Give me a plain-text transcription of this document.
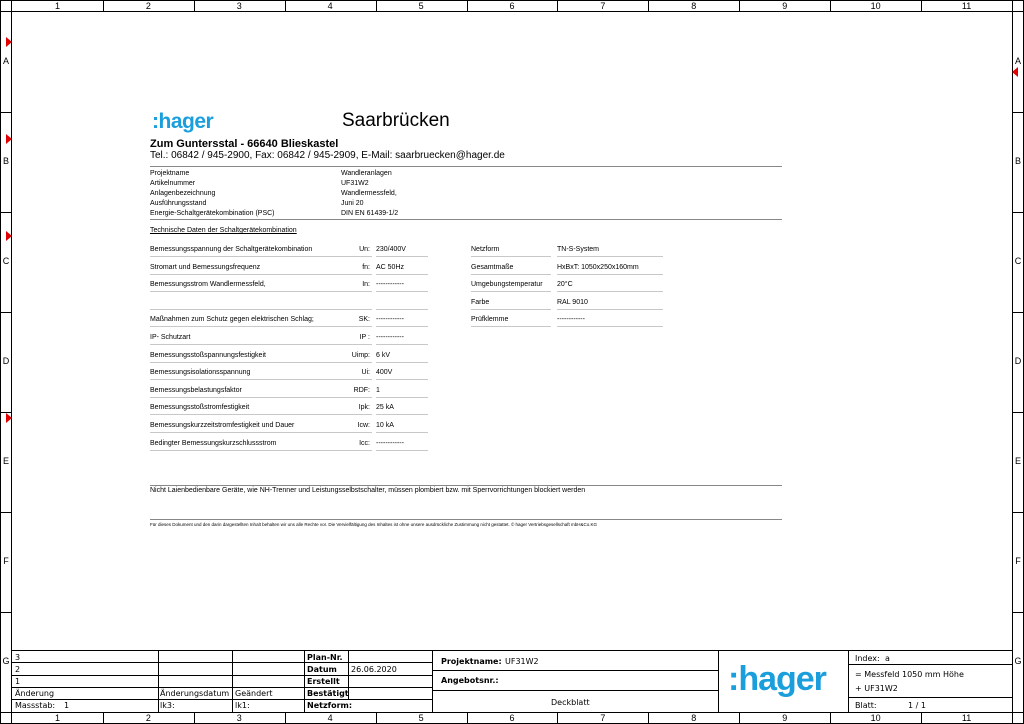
1
1
2
2
3
3
4
4
5
5
6
6
7
7
8
8
9
9
10
10
11
11
A	A
B	B
C	C
D	D
E	E
F	F
G	G
:hager	Saarbrücken
Zum Guntersstal - 66640 Blieskastel
Tel.: 06842 / 945-2900, Fax: 06842 / 945-2909, E-Mail: saarbruecken@hager.de
Projektname	Wandleranlagen
Artikelnummer	UF31W2
Anlagenbezeichnung	Wandlermessfeld,
Ausführungsstand	Juni 20
Energie-Schaltgerätekombination (PSC)	DIN EN 61439-1/2
Technische Daten der Schaltgerätekombination
Bemessungsspannung der Schaltgerätekombination	Un: 230/400V
Stromart und Bemessungsfrequenz	fn: AC 50Hz
Bemessungsstrom Wandlermessfeld,	In: ------------
Maßnahmen zum Schutz gegen elektrischen Schlag;	SK: ------------
IP- Schutzart	IP : ------------
Bemessungsstoßspannungsfestigkeit	Uimp: 6 kV
Bemessungsisolationsspannung	Ui: 400V
Bemessungsbelastungsfaktor	RDF: 1
Bemessungsstoßstromfestigkeit	Ipk: 25 kA
Bemessungskurzzeitstromfestigkeit und Dauer	Icw: 10 kA
Bedingter Bemessungskurzschlussstrom	Icc: ------------
Netzform	TN-S-System
Gesamtmaße	HxBxT: 1050x250x160mm
Umgebungstemperatur 20°C
Farbe	RAL 9010
Prüfklemme	------------
Nicht Laienbedienbare Geräte, wie NH-Trenner und Leistungsselbstschalter, müssen plombiert bzw. mit Sperrvorrichtungen blockiert werden
Für dieses Dokument und den darin dargestellten Inhalt behalten wir uns alle Rechte vor. Die Vervielfältigung des Inhaltes ist ohne unsere ausdrückliche Zustimmung nicht gestattet. © hager Vertriebsgesellschaft mbH&Co.KG
3
2
1
Änderung	Änderungsdatum Geändert
Massstab: 1	lk3:	lk1:
Plan-Nr.
Datum 26.06.2020
Erstellt
Bestätigt
Netzform:
Projektname: UF31W2
Angebotsnr.:
Deckblatt
:hager
Index: a
= Messfeld 1050 mm Höhe
+ UF31W2
Blatt:	1 / 1
